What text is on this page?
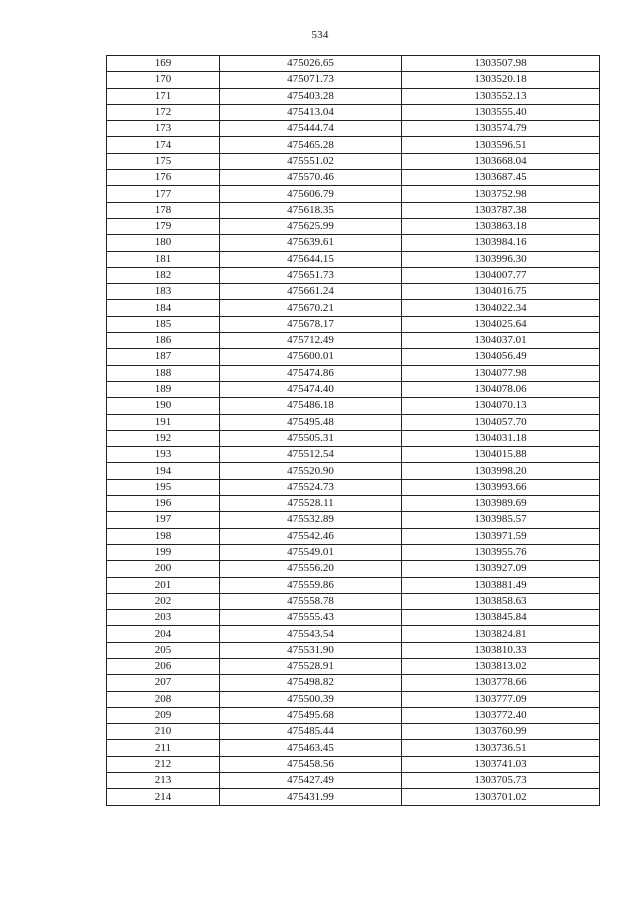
534
169	475026.65	1303507.98
170	475071.73	1303520.18
171	475403.28	1303552.13
172	475413.04	1303555.40
173	475444.74	1303574.79
174	475465.28	1303596.51
175	475551.02	1303668.04
176	475570.46	1303687.45
177	475606.79	1303752.98
178	475618.35	1303787.38
179	475625.99	1303863.18
180	475639.61	1303984.16
181	475644.15	1303996.30
182	475651.73	1304007.77
183	475661.24	1304016.75
184	475670.21	1304022.34
185	475678.17	1304025.64
186	475712.49	1304037.01
187	475600.01	1304056.49
188	475474.86	1304077.98
189	475474.40	1304078.06
190	475486.18	1304070.13
191	475495.48	1304057.70
192	475505.31	1304031.18
193	475512.54	1304015.88
194	475520.90	1303998.20
195	475524.73	1303993.66
196	475528.11	1303989.69
197	475532.89	1303985.57
198	475542.46	1303971.59
199	475549.01	1303955.76
200	475556.20	1303927.09
201	475559.86	1303881.49
202	475558.78	1303858.63
203	475555.43	1303845.84
204	475543.54	1303824.81
205	475531.90	1303810.33
206	475528.91	1303813.02
207	475498.82	1303778.66
208	475500.39	1303777.09
209	475495.68	1303772.40
210	475485.44	1303760.99
211	475463.45	1303736.51
212	475458.56	1303741.03
213	475427.49	1303705.73
214	475431.99	1303701.02
